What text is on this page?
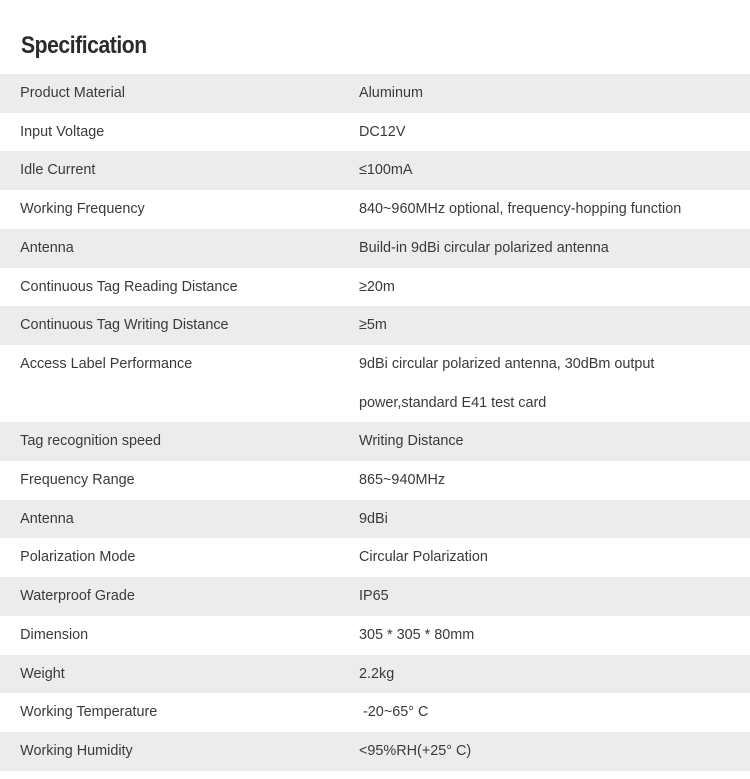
Specification
Product Material	Aluminum
Input Voltage	DC12V
Idle Current	≤100mA
Working Frequency	840~960MHz optional, frequency-hopping function
Antenna	Build-in 9dBi circular polarized antenna
Continuous Tag Reading Distance	≥20m
Continuous Tag Writing Distance	≥5m
Access Label Performance	9dBi circular polarized antenna, 30dBm output power,standard E41 test card
Tag recognition speed	Writing Distance
Frequency Range	865~940MHz
Antenna	9dBi
Polarization Mode	Circular Polarization
Waterproof Grade	IP65
Dimension	305 * 305 * 80mm
Weight	2.2kg
Working Temperature	-20~65° C
Working Humidity	<95%RH(+25° C)
